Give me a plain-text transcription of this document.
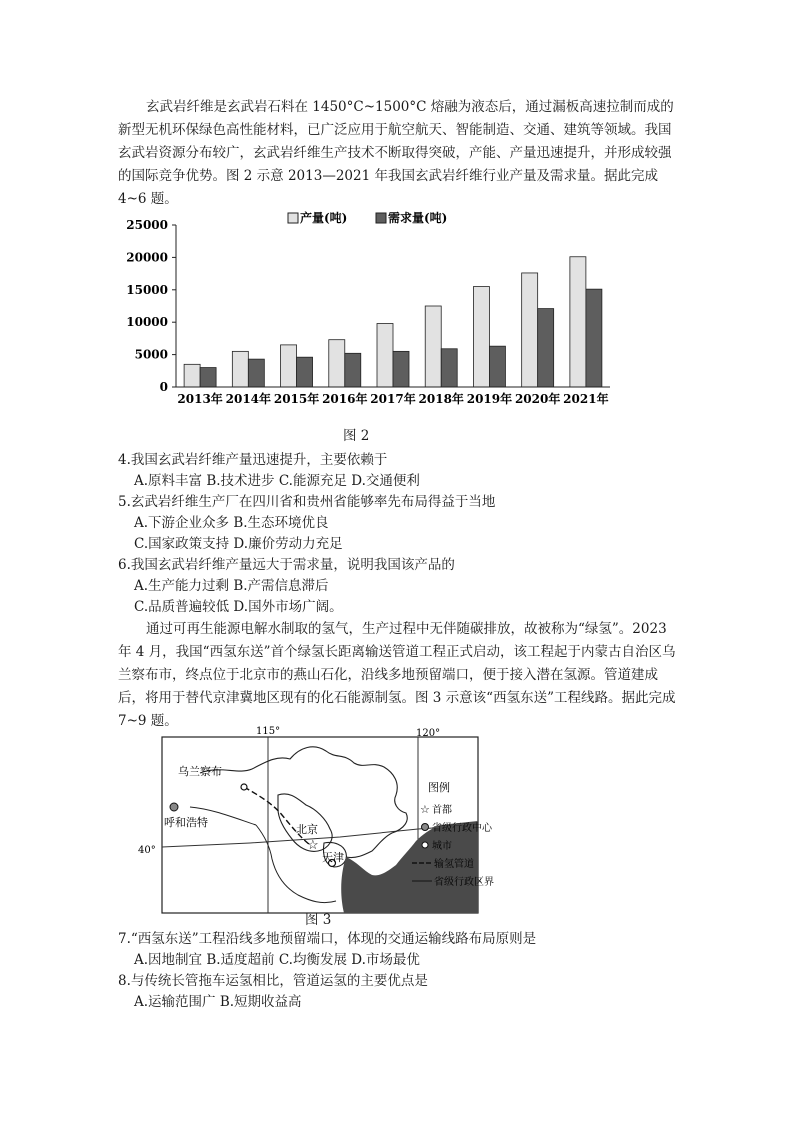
玄武岩纤维是玄武岩石料在 1450°C~1500°C 熔融为液态后，通过漏板高速拉制而成的新型无机环保绿色高性能材料，已广泛应用于航空航天、智能制造、交通、建筑等领域。我国玄武岩资源分布较广，玄武岩纤维生产技术不断取得突破，产能、产量迅速提升，并形成较强的国际竞争优势。图 2 示意 2013—2021 年我国玄武岩纤维行业产量及需求量。据此完成 4~6 题。

0
5000
10000
15000
20000
25000
2013年 2014年 2015年 2016年 2017年 2018年 2019年 2020年 2021年
产量(吨)	需求量(吨)
图 2

4.我国玄武岩纤维产量迅速提升，主要依赖于

A.原料丰富 B.技术进步 C.能源充足 D.交通便利

5.玄武岩纤维生产厂在四川省和贵州省能够率先布局得益于当地

A.下游企业众多 B.生态环境优良

C.国家政策支持 D.廉价劳动力充足

6.我国玄武岩纤维产量远大于需求量，说明我国该产品的

A.生产能力过剩 B.产需信息滞后

C.品质普遍较低 D.国外市场广阔。

通过可再生能源电解水制取的氢气，生产过程中无伴随碳排放，故被称为“绿氢”。2023 年 4 月，我国“西氢东送”首个绿氢长距离输送管道工程正式启动，该工程起于内蒙古自治区乌兰察布市，终点位于北京市的燕山石化，沿线多地预留端口，便于接入潜在氢源。管道建成后，将用于替代京津冀地区现有的化石能源制氢。图 3 示意该“西氢东送”工程线路。据此完成 7~9 题。

115°	120°
40°	☆
乌兰察布
呼和浩特
北京
天津
图例
☆ 首都
省级行政中心
城市
输氢管道
省级行政区界
图 3

7.“西氢东送”工程沿线多地预留端口，体现的交通运输线路布局原则是

A.因地制宜 B.适度超前 C.均衡发展 D.市场最优

8.与传统长管拖车运氢相比，管道运氢的主要优点是

A.运输范围广 B.短期收益高
